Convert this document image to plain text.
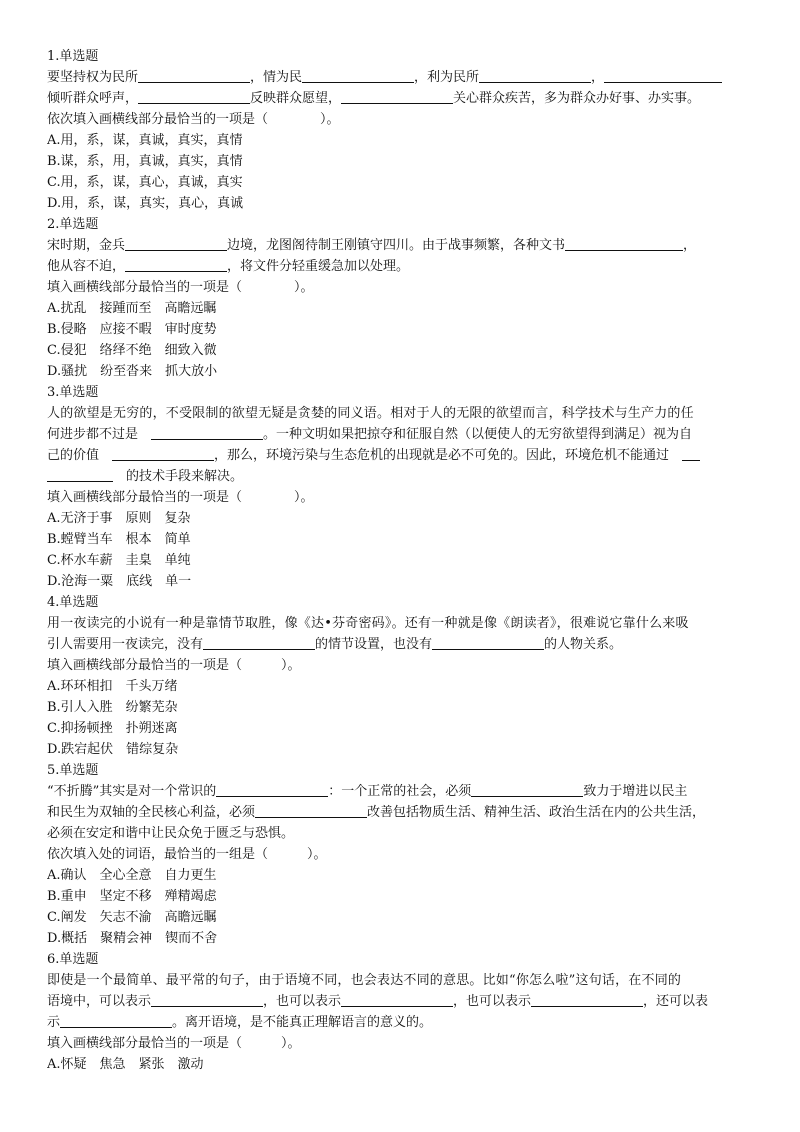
1.单选题
要坚持权为民所	，情为民	，利为民所	，
倾听群众呼声，	反映群众愿望，	关心群众疾苦，多为群众办好事、办实事。
依次填入画横线部分最恰当的一项是（　　　　）。
A.用，系，谋，真诚，真实，真情
B.谋，系，用，真诚，真实，真情
C.用，系，谋，真心，真诚，真实
D.用，系，谋，真实，真心，真诚
2.单选题
宋时期，金兵	边境，龙图阁待制王刚镇守四川。由于战事频繁，各种文书	，
他从容不迫，	，将文件分轻重缓急加以处理。
填入画横线部分最恰当的一项是（　　　　）。
A.扰乱　接踵而至　高瞻远瞩
B.侵略　应接不暇　审时度势
C.侵犯　络绎不绝　细致入微
D.骚扰　纷至沓来　抓大放小
3.单选题
人的欲望是无穷的，不受限制的欲望无疑是贪婪的同义语。相对于人的无限的欲望而言，科学技术与生产力的任
何进步都不过是　	。一种文明如果把掠夺和征服自然（以便使人的无穷欲望得到满足）视为自
己的价值　	，那么，环境污染与生态危机的出现就是必不可免的。因此，环境危机不能通过　
　的技术手段来解决。
填入画横线部分最恰当的一项是（　　　　）。
A.无济于事　原则　复杂
B.螳臂当车　根本　简单
C.杯水车薪　圭臬　单纯
D.沧海一粟　底线　单一
4.单选题
用一夜读完的小说有一种是靠情节取胜，像《达•芬奇密码》。还有一种就是像《朗读者》，很难说它靠什么来吸
引人需要用一夜读完，没有	的情节设置，也没有	的人物关系。
填入画横线部分最恰当的一项是（　　　）。
A.环环相扣　千头万绪
B.引人入胜　纷繁芜杂
C.抑扬顿挫　扑朔迷离
D.跌宕起伏　错综复杂
5.单选题
“不折腾”其实是对一个常识的	：一个正常的社会，必须	致力于增进以民主
和民生为双轴的全民核心利益，必须	改善包括物质生活、精神生活、政治生活在内的公共生活，
必须在安定和谐中让民众免于匮乏与恐惧。
依次填入处的词语，最恰当的一组是（　　　）。
A.确认　全心全意　自力更生
B.重申　坚定不移　殚精竭虑
C.阐发　矢志不渝　高瞻远瞩
D.概括　聚精会神　锲而不舍
6.单选题
即使是一个最简单、最平常的句子，由于语境不同，也会表达不同的意思。比如“你怎么啦”这句话，在不同的
语境中，可以表示	，也可以表示	，也可以表示	，还可以表
示	。离开语境，是不能真正理解语言的意义的。
填入画横线部分最恰当的一项是（　　　）。
A.怀疑　焦急　紧张　激动
